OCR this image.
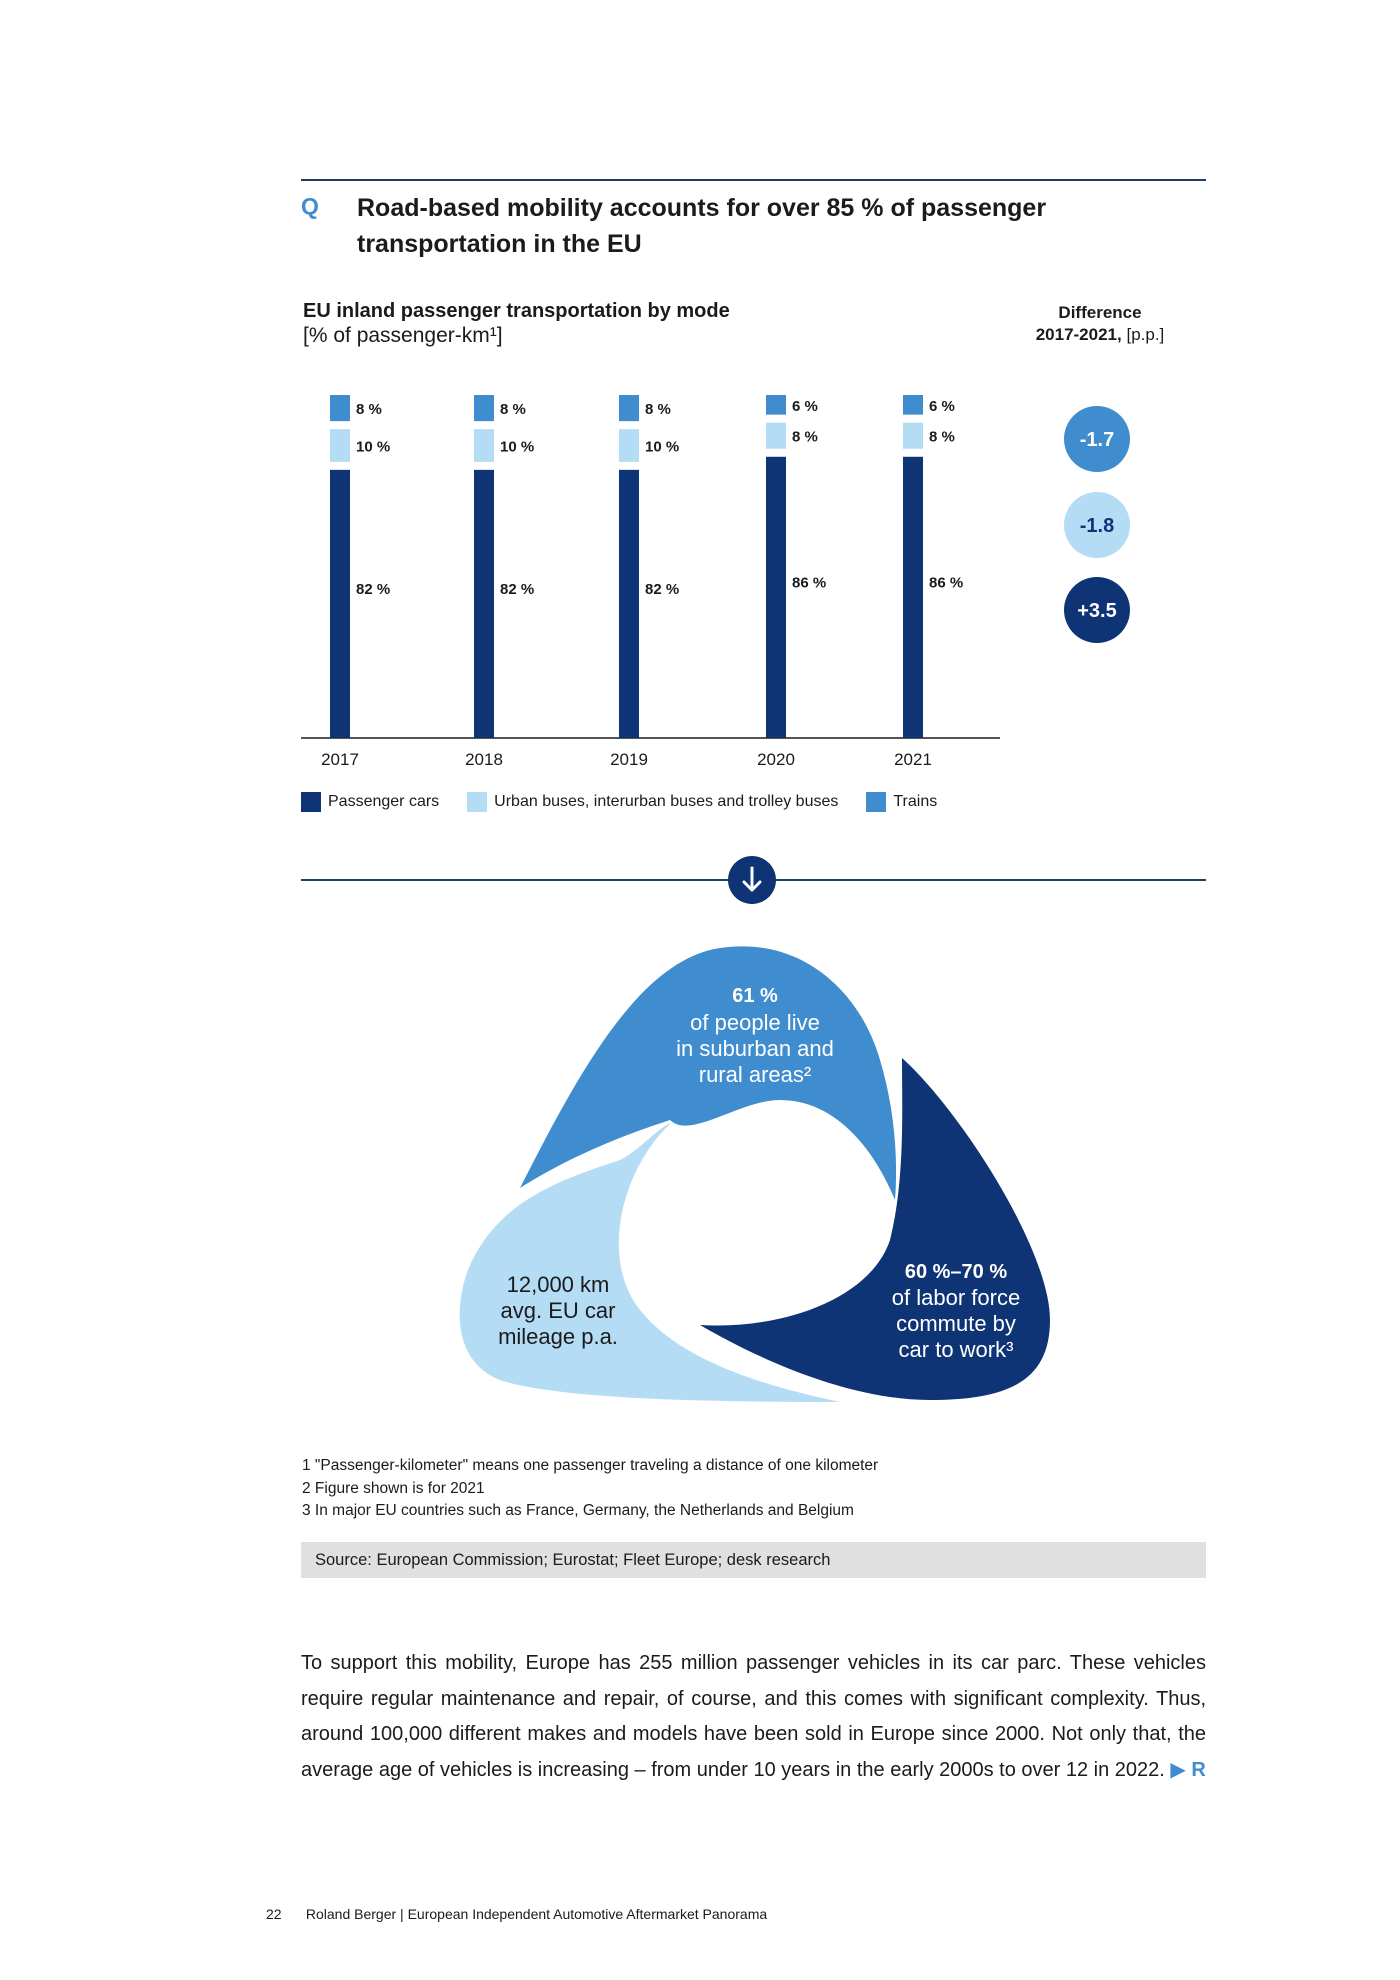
Q Road-based mobility accounts for over 85 % of passenger transportation in the EU
EU inland passenger transportation by mode
[% of passenger-km¹]
Difference
2017-2021, [p.p.]
82 %
10 %
8 %
2017
82 %
10 %
8 %
2018
82 %
10 %
8 %
2019
86 %
8 %
6 %
2020
86 %
8 %
6 %
2021
-1.7
-1.8
+3.5
Passenger cars	Urban buses, interurban buses and trolley buses	Trains
61 %
of people live
in suburban and
rural areas²
12,000 km
avg. EU car
mileage p.a.
60 %–70 %
of labor force
commute by
car to work³
1 "Passenger-kilometer" means one passenger traveling a distance of one kilometer
2 Figure shown is for 2021
3 In major EU countries such as France, Germany, the Netherlands and Belgium
Source: European Commission; Eurostat; Fleet Europe; desk research
To support this mobility, Europe has 255 million passenger vehicles in its car parc. These vehicles require regular maintenance and repair, of course, and this comes with significant complexity. Thus, around 100,000 different makes and models have been sold in Europe since 2000. Not only that, the average age of vehicles is increasing – from under 10 years in the early 2000s to over 12 in 2022. ▶ R
22 Roland Berger | European Independent Automotive Aftermarket Panorama
